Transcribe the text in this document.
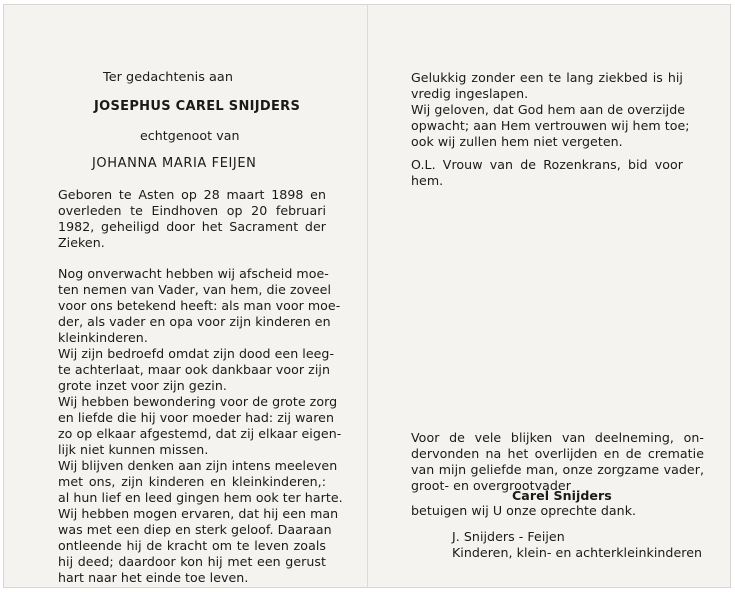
Ter gedachtenis aan
JOSEPHUS CAREL SNIJDERS
echtgenoot van
JOHANNA MARIA FEIJEN
Geboren te Asten op 28 maart 1898 en
overleden te Eindhoven op 20 februari
1982, geheiligd door het Sacrament der
Zieken.
Nog onverwacht hebben wij afscheid moe-
ten nemen van Vader, van hem, die zoveel
voor ons betekend heeft: als man voor moe-
der, als vader en opa voor zijn kinderen en
kleinkinderen.
Wij zijn bedroefd omdat zijn dood een leeg-
te achterlaat, maar ook dankbaar voor zijn
grote inzet voor zijn gezin.
Wij hebben bewondering voor de grote zorg
en liefde die hij voor moeder had: zij waren
zo op elkaar afgestemd, dat zij elkaar eigen-
lijk niet kunnen missen.
Wij blijven denken aan zijn intens meeleven
met ons, zijn kinderen en kleinkinderen,:
al hun lief en leed gingen hem ook ter harte.
Wij hebben mogen ervaren, dat hij een man
was met een diep en sterk geloof. Daaraan
ontleende hij de kracht om te leven zoals
hij deed; daardoor kon hij met een gerust
hart naar het einde toe leven.
Gelukkig zonder een te lang ziekbed is hij
vredig ingeslapen.
Wij geloven, dat God hem aan de overzijde
opwacht; aan Hem vertrouwen wij hem toe;
ook wij zullen hem niet vergeten.
O.L. Vrouw van de Rozenkrans, bid voor
hem.
Voor de vele blijken van deelneming, on-
dervonden na het overlijden en de crematie
van mijn geliefde man, onze zorgzame vader,
groot- en overgrootvader
Carel Snijders
betuigen wij U onze oprechte dank.
J. Snijders - Feijen
Kinderen, klein- en achterkleinkinderen
